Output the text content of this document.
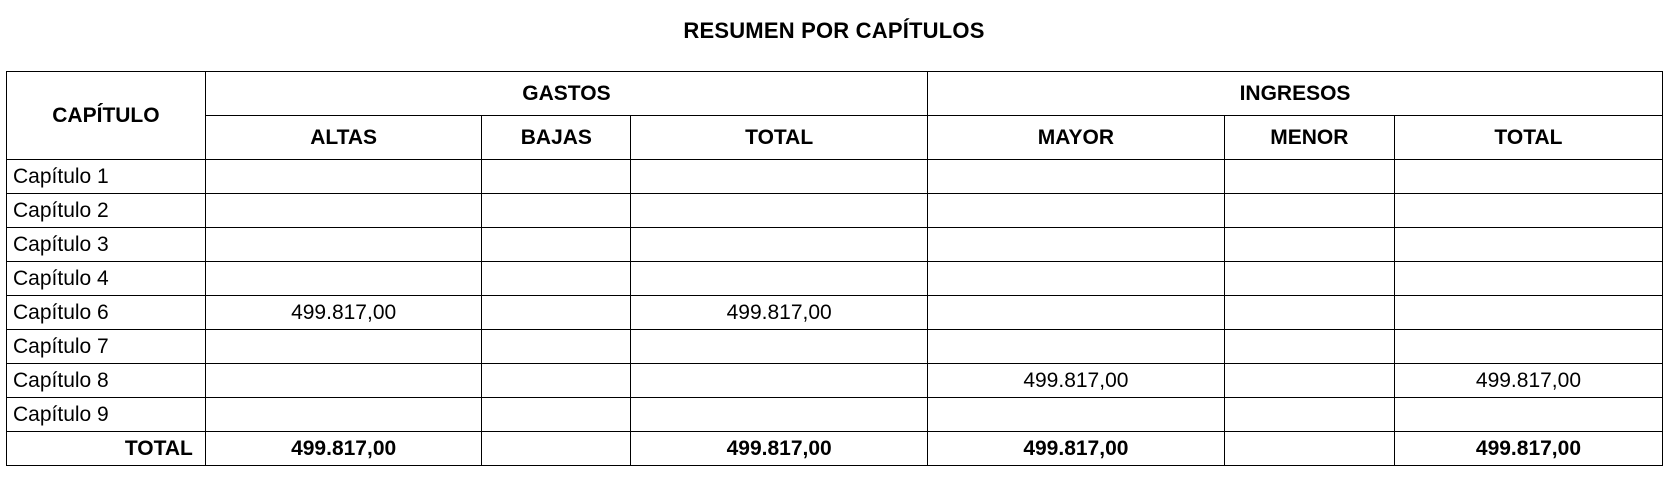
RESUMEN POR CAPÍTULOS
CAPÍTULO	GASTOS			INGRESOS		
	ALTAS	BAJAS	TOTAL	MAYOR	MENOR	TOTAL
Capítulo 1						
Capítulo 2						
Capítulo 3						
Capítulo 4						
Capítulo 6	499.817,00		499.817,00			
Capítulo 7						
Capítulo 8				499.817,00		499.817,00
Capítulo 9						
TOTAL	499.817,00		499.817,00	499.817,00		499.817,00
